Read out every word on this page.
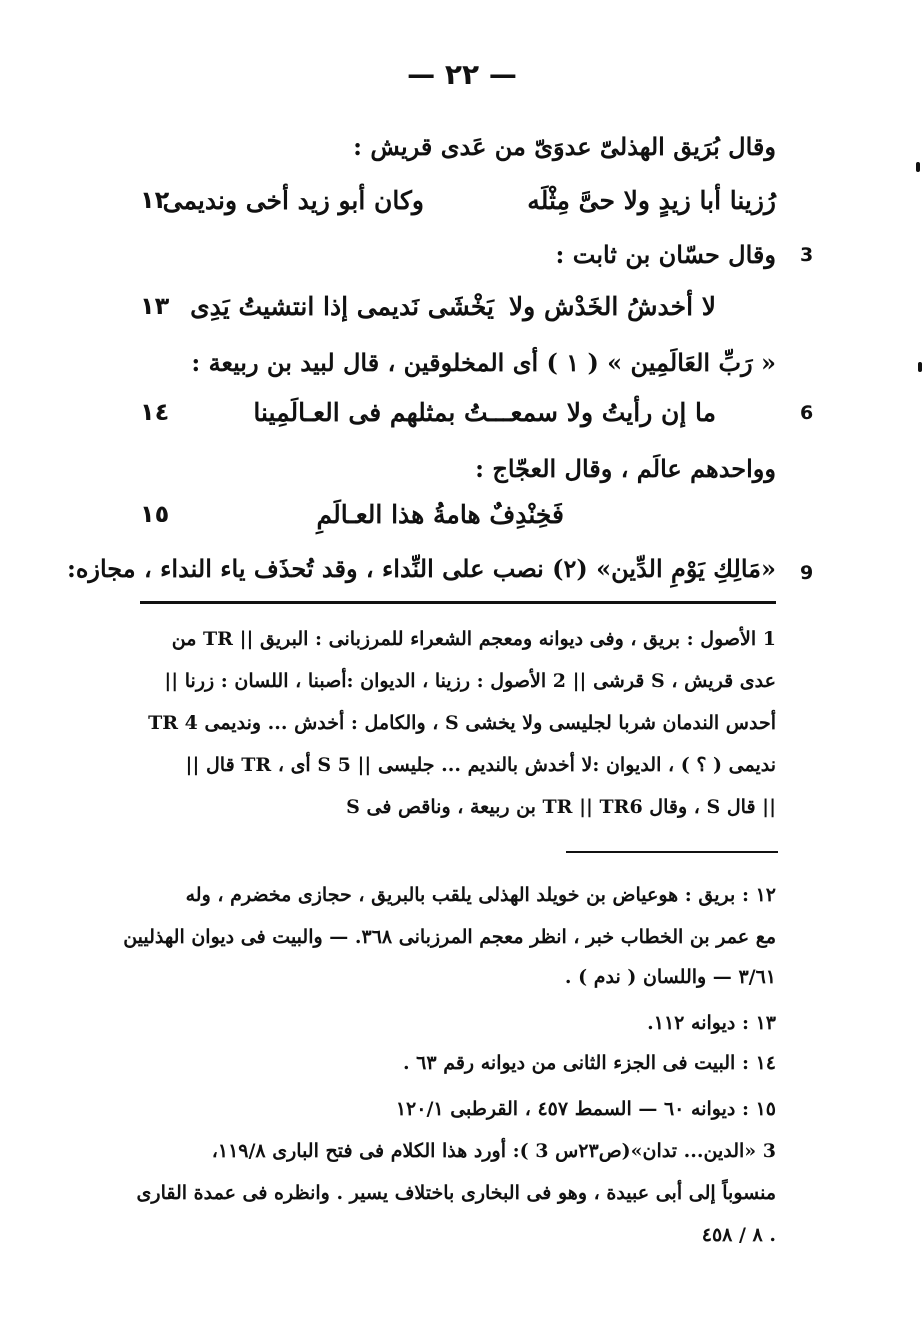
— ٢٢ —
وقال بُرَيق الهذلىّ عدوَىّ من عَدى قريش :
رُزينا أبا زيدٍ ولا حىَّ مِثْلَه
وكان أبو زيد أخى ونديمى
١٢
3
وقال حسّان بن ثابت :
لا أخدشُ الخَدْش ولا
يَخْشَى نَديمى إذا انتشيتُ يَدِى
١٣
« رَبِّ العَالَمِين » ( ١ ) أى المخلوقين ، قال لبيد بن ربيعة :
6
ما إن رأيتُ ولا سمعـــتُ بمثلهم فى العـالَمِينا
١٤
وواحدهم عالَم ، وقال العجّاج :
فَخِنْدِفٌ هامةُ هذا العـالَمِ
١٥
9
«مَالِكِ يَوْمِ الدِّين» (٢) نصب على النِّداء ، وقد تُحذَف ياء النداء ، مجازه:
1 الأصول : بريق ، وفى ديوانه ومعجم الشعراء للمرزبانى : البريق || TR من
عدى قريش ، S قرشى || 2 الأصول : رزينا ، الديوان :أصبنا ، اللسان : زرنا ||
TR 4 والكامل : أخدش ... ونديمى ، S أحدس الندمان شربا لجليسى ولا يخشى
نديمى ( ؟ ) ، الديوان :لا أخدش بالنديم ... جليسى || S 5 أى ، TR قال ||
S بن ربيعة ، وناقص فى TR || TR6 وقال ، S قال ||
١٢ : بريق : هوعياض بن خويلد الهذلى يلقب بالبريق ، حجازى مخضرم ، وله
مع عمر بن الخطاب خبر ، انظر معجم المرزبانى ٣٦٨. — والبيت فى ديوان الهذليين
٣/٦١ — واللسان ( ندم ) .
١٣ : ديوانه ١١٢.
١٤ : البيت فى الجزء الثانى من ديوانه رقم ٦٣ .
١٥ : ديوانه ٦٠ — السمط ٤٥٧ ، القرطبى ١٢٠/١
3 «الدين... تدان»(ص٢٣س 3 ): أورد هذا الكلام فى فتح البارى ١١٩/٨،
منسوباً إلى أبى عبيدة ، وهو فى البخارى باختلاف يسير . وانظره فى عمدة القارى
٨ / ٤٥٨ .
